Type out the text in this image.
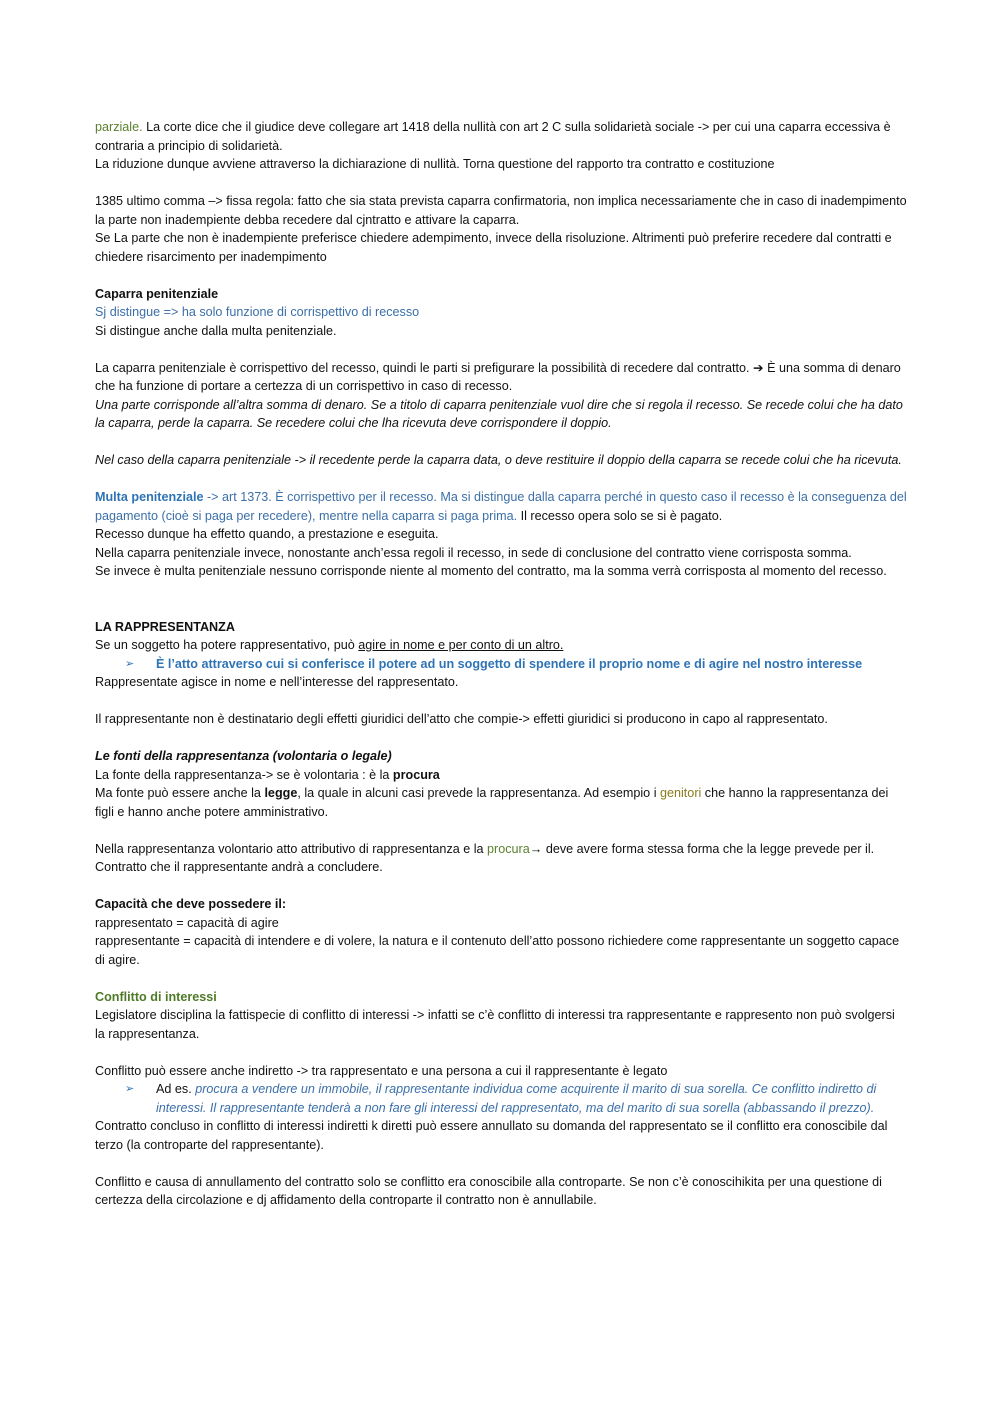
parziale. La corte dice che il giudice deve collegare art 1418 della nullità con art 2 C sulla solidarietà sociale -> per cui una caparra eccessiva è contraria a principio di solidarietà.

La riduzione dunque avviene attraverso la dichiarazione di nullità. Torna questione del rapporto tra contratto e costituzione

1385 ultimo comma –> fissa regola: fatto che sia stata prevista caparra confirmatoria, non implica necessariamente che in caso di inadempimento la parte non inadempiente debba recedere dal cjntratto e attivare la caparra.

Se La parte che non è inadempiente preferisce chiedere adempimento, invece della risoluzione. Altrimenti può preferire recedere dal contratti e chiedere risarcimento per inadempimento

Caparra penitenziale

Sj distingue => ha solo funzione di corrispettivo di recesso

Si distingue anche dalla multa penitenziale.

La caparra penitenziale è corrispettivo del recesso, quindi le parti si prefigurare la possibilità di recedere dal contratto. ➔ È una somma di denaro che ha funzione di portare a certezza di un corrispettivo in caso di recesso.

Una parte corrisponde all’altra somma di denaro. Se a titolo di caparra penitenziale vuol dire che si regola il recesso. Se recede colui che ha dato la caparra, perde la caparra. Se recedere colui che lha ricevuta deve corrispondere il doppio.

Nel caso della caparra penitenziale -> il recedente perde la caparra data, o deve restituire il doppio della caparra se recede colui che ha ricevuta.

Multa penitenziale -> art 1373. È corrispettivo per il recesso. Ma si distingue dalla caparra perché in questo caso il recesso è la conseguenza del pagamento (cioè si paga per recedere), mentre nella caparra si paga prima. Il recesso opera solo se si è pagato.

Recesso dunque ha effetto quando, a prestazione e eseguita.

Nella caparra penitenziale invece, nonostante anch’essa regoli il recesso, in sede di conclusione del contratto viene corrisposta somma.

Se invece è multa penitenziale nessuno corrisponde niente al momento del contratto, ma la somma verrà corrisposta al momento del recesso.

LA RAPPRESENTANZA

Se un soggetto ha potere rappresentativo, può agire in nome e per conto di un altro.

➢ È l’atto attraverso cui si conferisce il potere ad un soggetto di spendere il proprio nome e di agire nel nostro interesse

Rappresentate agisce in nome e nell’interesse del rappresentato.

Il rappresentante non è destinatario degli effetti giuridici dell’atto che compie-> effetti giuridici si producono in capo al rappresentato.

Le fonti della rappresentanza (volontaria o legale)

La fonte della rappresentanza-> se è volontaria : è la procura

Ma fonte può essere anche la legge, la quale in alcuni casi prevede la rappresentanza. Ad esempio i genitori che hanno la rappresentanza dei figli e hanno anche potere amministrativo.

Nella rappresentanza volontario atto attributivo di rappresentanza e la procura→ deve avere forma stessa forma che la legge prevede per il. Contratto che il rappresentante andrà a concludere.

Capacità che deve possedere il:

rappresentato = capacità di agire

rappresentante = capacità di intendere e di volere, la natura e il contenuto dell’atto possono richiedere come rappresentante un soggetto capace di agire.

Conflitto di interessi

Legislatore disciplina la fattispecie di conflitto di interessi -> infatti se c’è conflitto di interessi tra rappresentante e rappresento non può svolgersi la rappresentanza.

Conflitto può essere anche indiretto -> tra rappresentato e una persona a cui il rappresentante è legato

➢ Ad es. procura a vendere un immobile, il rappresentante individua come acquirente il marito di sua sorella. Ce conflitto indiretto di interessi. Il rappresentante tenderà a non fare gli interessi del rappresentato, ma del marito di sua sorella (abbassando il prezzo).

Contratto concluso in conflitto di interessi indiretti k diretti può essere annullato su domanda del rappresentato se il conflitto era conoscibile dal terzo (la controparte del rappresentante).

Conflitto e causa di annullamento del contratto solo se conflitto era conoscibile alla controparte. Se non c’è conoscihikita per una questione di certezza della circolazione e dj affidamento della controparte il contratto non è annullabile.
